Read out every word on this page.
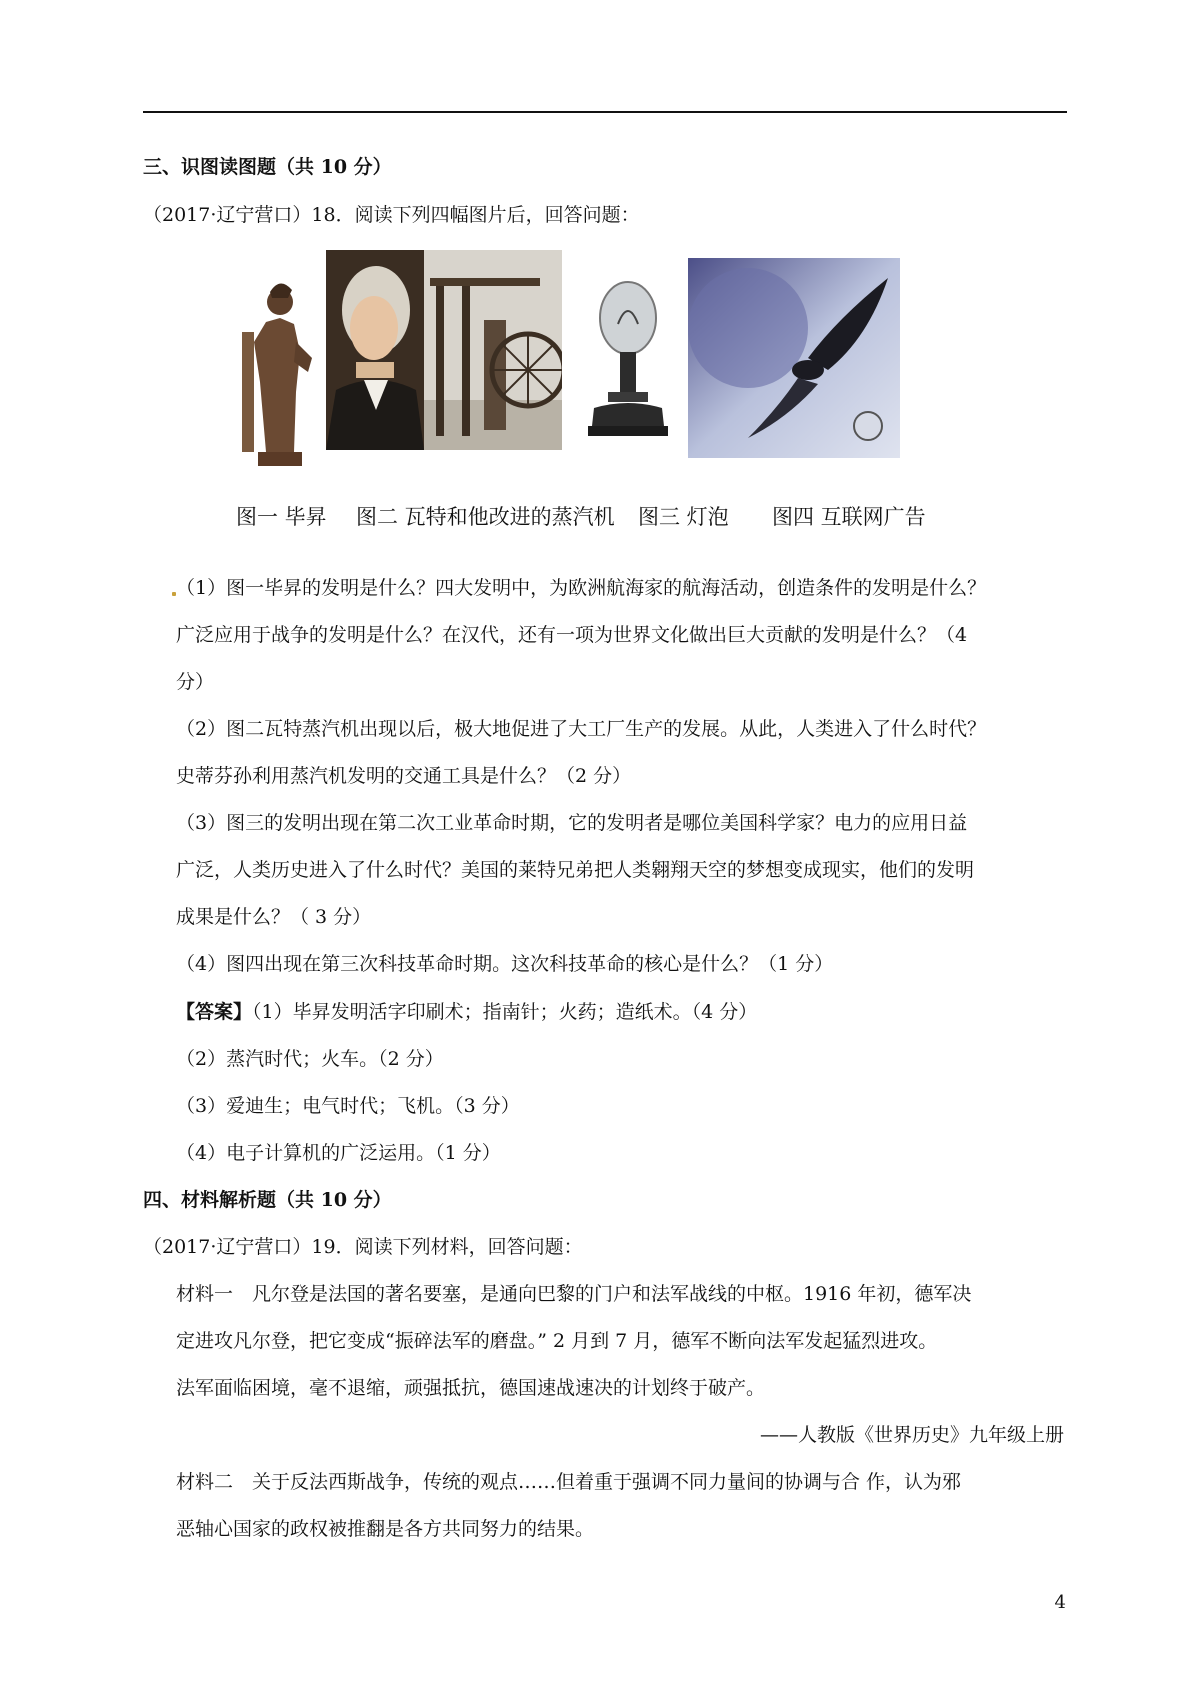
三、识图读图题（共 10 分）
（2017·辽宁营口）18．阅读下列四幅图片后，回答问题：
图一 毕昇 图二 瓦特和他改进的蒸汽机 图三 灯泡 图四 互联网广告
（1）图一毕昇的发明是什么？四大发明中，为欧洲航海家的航海活动，创造条件的发明是什么？
广泛应用于战争的发明是什么？在汉代，还有一项为世界文化做出巨大贡献的发明是什么？（4
分）
（2）图二瓦特蒸汽机出现以后，极大地促进了大工厂生产的发展。从此，人类进入了什么时代？
史蒂芬孙利用蒸汽机发明的交通工具是什么？（2 分）
（3）图三的发明出现在第二次工业革命时期，它的发明者是哪位美国科学家？电力的应用日益
广泛，人类历史进入了什么时代？美国的莱特兄弟把人类翱翔天空的梦想变成现实，他们的发明
成果是什么？（ 3 分）
（4）图四出现在第三次科技革命时期。这次科技革命的核心是什么？（1 分）
【答案】（1）毕昇发明活字印刷术；指南针；火药；造纸术。（4 分）
（2）蒸汽时代；火车。（2 分）
（3）爱迪生；电气时代；飞机。（3 分）
（4）电子计算机的广泛运用。（1 分）
四、材料解析题（共 10 分）
（2017·辽宁营口）19．阅读下列材料，回答问题：
材料一　凡尔登是法国的著名要塞，是通向巴黎的门户和法军战线的中枢。1916 年初，德军决
定进攻凡尔登，把它变成“振碎法军的磨盘。” 2 月到 7 月，德军不断向法军发起猛烈进攻。
法军面临困境，毫不退缩，顽强抵抗，德国速战速决的计划终于破产。
——人教版《世界历史》九年级上册
材料二　关于反法西斯战争，传统的观点……但着重于强调不同力量间的协调与合 作，认为邪
恶轴心国家的政权被推翻是各方共同努力的结果。
4
